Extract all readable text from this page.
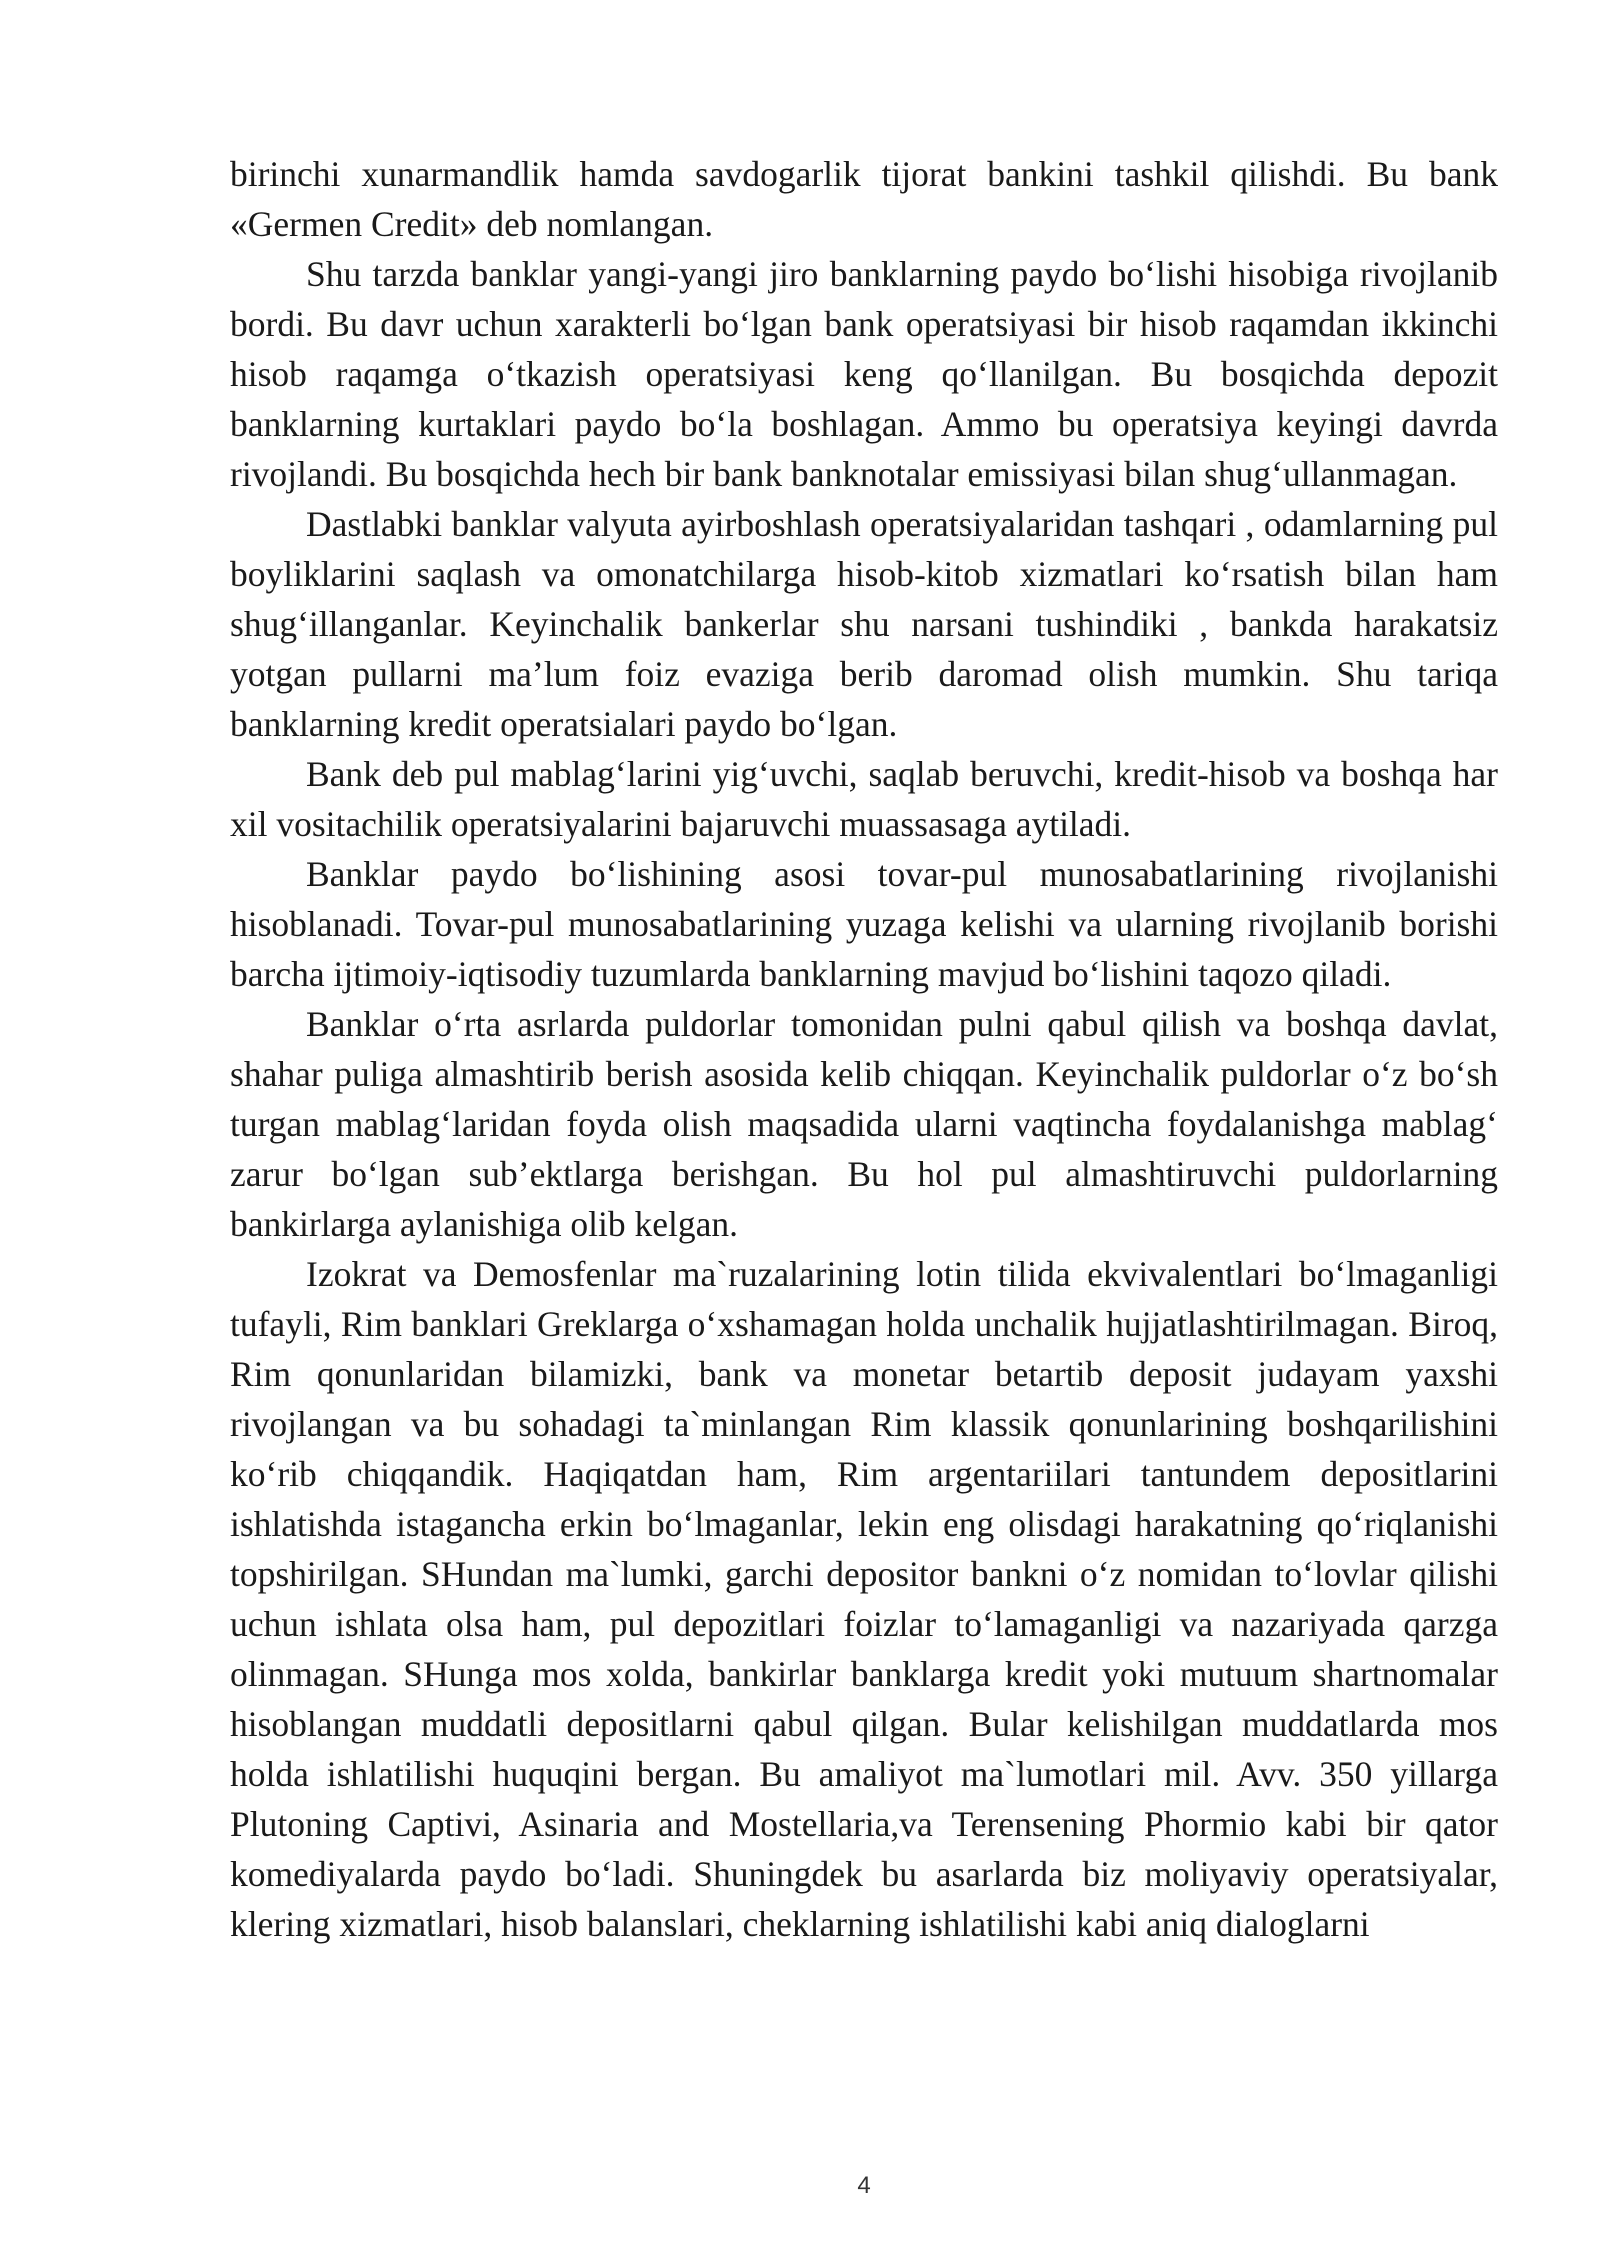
birinchi xunarmandlik hamda savdogarlik tijorat bankini tashkil qilishdi. Bu bank «Germen Credit» deb nomlangan.

Shu tarzda banklar yangi-yangi jiro banklarning paydo bo‘lishi hisobiga rivojlanib bordi. Bu davr uchun xarakterli bo‘lgan bank operatsiyasi bir hisob raqamdan ikkinchi hisob raqamga o‘tkazish operatsiyasi keng qo‘llanilgan. Bu bosqichda depozit banklarning kurtaklari paydo bo‘la boshlagan. Ammo bu operatsiya keyingi davrda rivojlandi. Bu bosqichda hech bir bank banknotalar emissiyasi bilan shug‘ullanmagan.

Dastlabki banklar valyuta ayirboshlash operatsiyalaridan tashqari , odamlarning pul boyliklarini saqlash va omonatchilarga hisob-kitob xizmatlari ko‘rsatish bilan ham shug‘illanganlar. Keyinchalik bankerlar shu narsani tushindiki , bankda harakatsiz yotgan pullarni ma’lum foiz evaziga berib daromad olish mumkin. Shu tariqa banklarning kredit operatsialari paydo bo‘lgan.

Bank deb pul mablag‘larini yig‘uvchi, saqlab beruvchi, kredit-hisob va boshqa har xil vositachilik operatsiyalarini bajaruvchi muassasaga aytiladi.

Banklar paydo bo‘lishining asosi tovar-pul munosabatlarining rivojlanishi hisoblanadi. Tovar-pul munosabatlarining yuzaga kelishi va ularning rivojlanib borishi barcha ijtimoiy-iqtisodiy tuzumlarda banklarning mavjud bo‘lishini taqozo qiladi.

Banklar o‘rta asrlarda puldorlar tomonidan pulni qabul qilish va boshqa davlat, shahar puliga almashtirib berish asosida kelib chiqqan. Keyinchalik puldorlar o‘z bo‘sh turgan mablag‘laridan foyda olish maqsadida ularni vaqtincha foydalanishga mablag‘ zarur bo‘lgan sub’ektlarga berishgan. Bu hol pul almashtiruvchi puldorlarning bankirlarga aylanishiga olib kelgan.

Izokrat va Demosfenlar ma`ruzalarining lotin tilida ekvivalentlari bo‘lmaganligi tufayli, Rim banklari Greklarga o‘xshamagan holda unchalik hujjatlashtirilmagan. Biroq, Rim qonunlaridan bilamizki, bank va monetar betartib deposit judayam yaxshi rivojlangan va bu sohadagi ta`minlangan Rim klassik qonunlarining boshqarilishini ko‘rib chiqqandik. Haqiqatdan ham, Rim argentariilari tantundem depositlarini ishlatishda istagancha erkin bo‘lmaganlar, lekin eng olisdagi harakatning qo‘riqlanishi topshirilgan. SHundan ma`lumki, garchi depositor bankni o‘z nomidan to‘lovlar qilishi uchun ishlata olsa ham, pul depozitlari foizlar to‘lamaganligi va nazariyada qarzga olinmagan. SHunga mos xolda, bankirlar banklarga kredit yoki mutuum shartnomalar hisoblangan muddatli depositlarni qabul qilgan. Bular kelishilgan muddatlarda mos holda ishlatilishi huquqini bergan. Bu amaliyot ma`lumotlari mil. Avv. 350 yillarga Plutoning Captivi, Asinaria and Mostellaria,va Terensening Phormio kabi bir qator komediyalarda paydo bo‘ladi. Shuningdek bu asarlarda biz moliyaviy operatsiyalar, klering xizmatlari, hisob balanslari, cheklarning ishlatilishi kabi aniq dialoglarni

4
